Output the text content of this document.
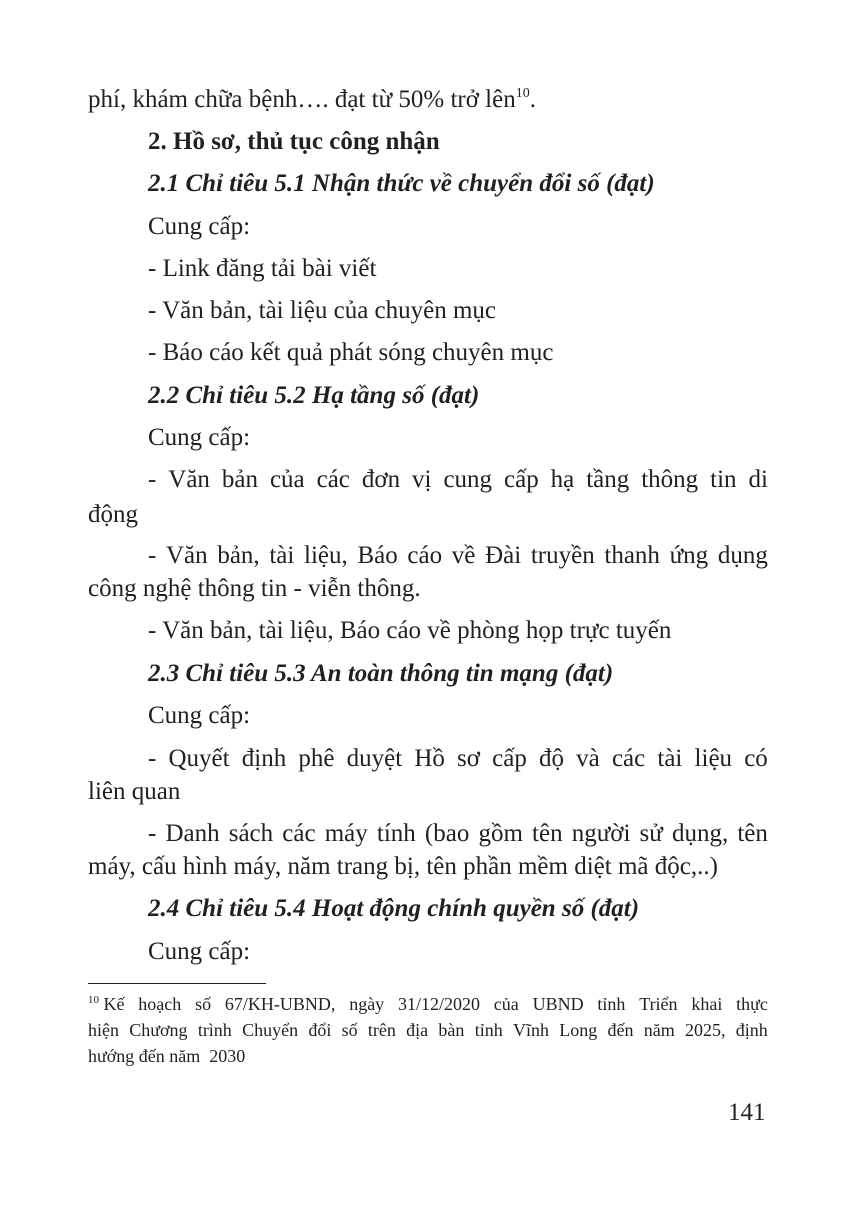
phí, khám chữa bệnh…. đạt từ 50% trở lên$^{10}$.
2. Hồ sơ, thủ tục công nhận
2.1 Chỉ tiêu 5.1 Nhận thức về chuyển đổi số (đạt)
Cung cấp:
- Link đăng tải bài viết
- Văn bản, tài liệu của chuyên mục
- Báo cáo kết quả phát sóng chuyên mục
2.2 Chỉ tiêu 5.2 Hạ tầng số (đạt)
Cung cấp:
- Văn bản của các đơn vị cung cấp hạ tầng thông tin di
động
- Văn bản, tài liệu, Báo cáo về Đài truyền thanh ứng dụng
công nghệ thông tin - viễn thông.
- Văn bản, tài liệu, Báo cáo về phòng họp trực tuyến
2.3 Chỉ tiêu 5.3 An toàn thông tin mạng (đạt)
Cung cấp:
- Quyết định phê duyệt Hồ sơ cấp độ và các tài liệu có
liên quan
- Danh sách các máy tính (bao gồm tên người sử dụng, tên
máy, cấu hình máy, năm trang bị, tên phần mềm diệt mã độc,..)
2.4 Chỉ tiêu 5.4 Hoạt động chính quyền số (đạt)
Cung cấp:
$^{10}$ Kế hoạch số 67/KH-UBND, ngày 31/12/2020 của UBND tỉnh Triển khai thực
hiện Chương trình Chuyển đổi số trên địa bàn tỉnh Vĩnh Long đến năm 2025, định
hướng đến năm  2030
141
